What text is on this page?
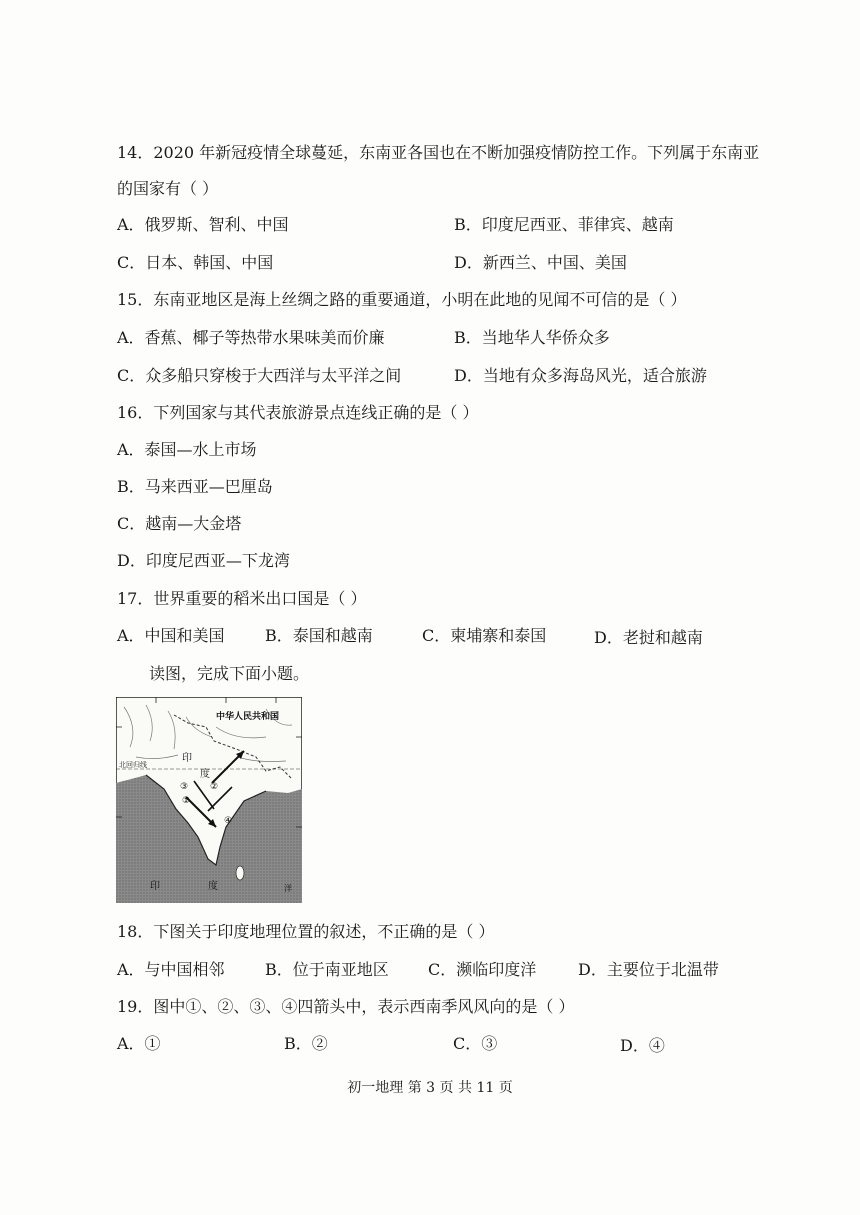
14．2020 年新冠疫情全球蔓延，东南亚各国也在不断加强疫情防控工作。下列属于东南亚
的国家有（ ）
A．俄罗斯、智利、中国	B．印度尼西亚、菲律宾、越南
C．日本、韩国、中国	D．新西兰、中国、美国
15．东南亚地区是海上丝绸之路的重要通道，小明在此地的见闻不可信的是（ ）
A．香蕉、椰子等热带水果味美而价廉	B．当地华人华侨众多
C．众多船只穿梭于大西洋与太平洋之间	D．当地有众多海岛风光，适合旅游
16．下列国家与其代表旅游景点连线正确的是（ ）
A．泰国—水上市场
B．马来西亚—巴厘岛
C．越南—大金塔
D．印度尼西亚—下龙湾
17．世界重要的稻米出口国是（ ）
A．中国和美国	B．泰国和越南	C．柬埔寨和泰国	D．老挝和越南
读图，完成下面小题。
北回归线
中华人民共和国
印
度
印	度	洋
①
②
③
④
18．下图关于印度地理位置的叙述，不正确的是（ ）
A．与中国相邻	B．位于南亚地区 C．濒临印度洋	D．主要位于北温带
19．图中①、②、③、④四箭头中，表示西南季风风向的是（ ）
A．①	B．②	C．③	D．④
初一地理 第 3 页 共 11 页
